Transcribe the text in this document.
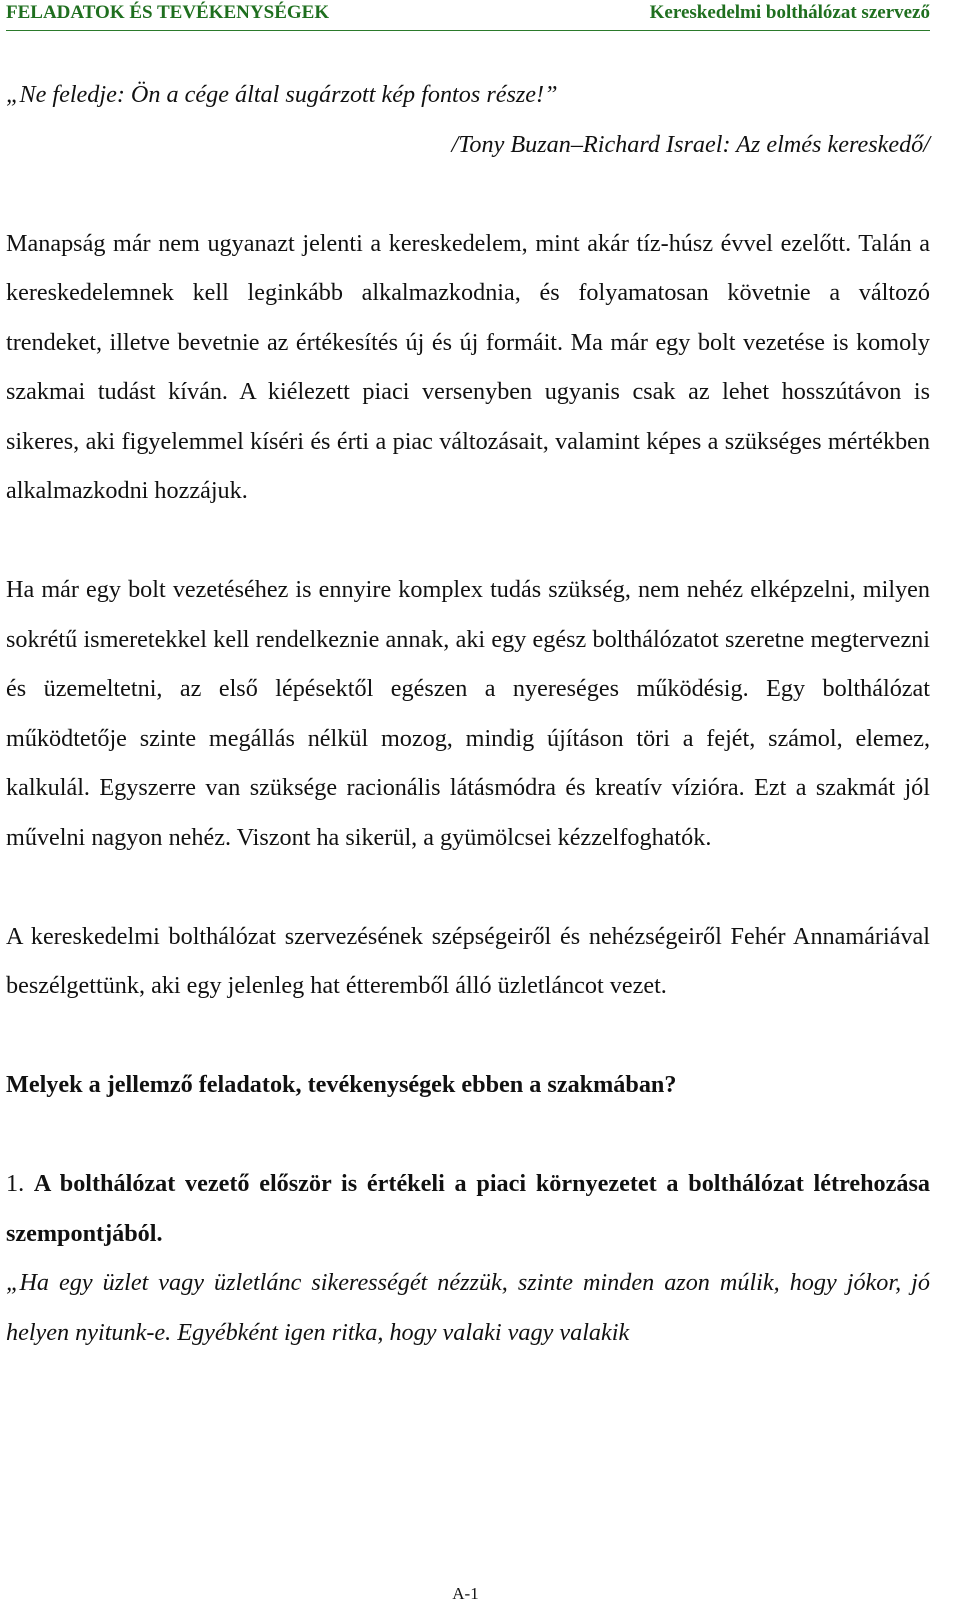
FELADATOK ÉS TEVÉKENYSÉGEK	Kereskedelmi bolthálózat szervező

„Ne feledje: Ön a cége által sugárzott kép fontos része!”

/Tony Buzan–Richard Israel: Az elmés kereskedő/

Manapság már nem ugyanazt jelenti a kereskedelem, mint akár tíz-húsz évvel ezelőtt. Talán a kereskedelemnek kell leginkább alkalmazkodnia, és folyamatosan követnie a változó trendeket, illetve bevetnie az értékesítés új és új formáit. Ma már egy bolt vezetése is komoly szakmai tudást kíván. A kiélezett piaci versenyben ugyanis csak az lehet hosszútávon is sikeres, aki figyelemmel kíséri és érti a piac változásait, valamint képes a szükséges mértékben alkalmazkodni hozzájuk.

Ha már egy bolt vezetéséhez is ennyire komplex tudás szükség, nem nehéz elképzelni, milyen sokrétű ismeretekkel kell rendelkeznie annak, aki egy egész bolthálózatot szeretne megtervezni és üzemeltetni, az első lépésektől egészen a nyereséges működésig. Egy bolthálózat működtetője szinte megállás nélkül mozog, mindig újításon töri a fejét, számol, elemez, kalkulál. Egyszerre van szüksége racionális látásmódra és kreatív vízióra. Ezt a szakmát jól művelni nagyon nehéz. Viszont ha sikerül, a gyümölcsei kézzelfoghatók.

A kereskedelmi bolthálózat szervezésének szépségeiről és nehézségeiről Fehér Annamáriával beszélgettünk, aki egy jelenleg hat étteremből álló üzletláncot vezet.

Melyek a jellemző feladatok, tevékenységek ebben a szakmában?

1. A bolthálózat vezető először is értékeli a piaci környezetet a bolthálózat létrehozása szempontjából.

„Ha egy üzlet vagy üzletlánc sikerességét nézzük, szinte minden azon múlik, hogy jókor, jó helyen nyitunk-e. Egyébként igen ritka, hogy valaki vagy valakik

A-1
